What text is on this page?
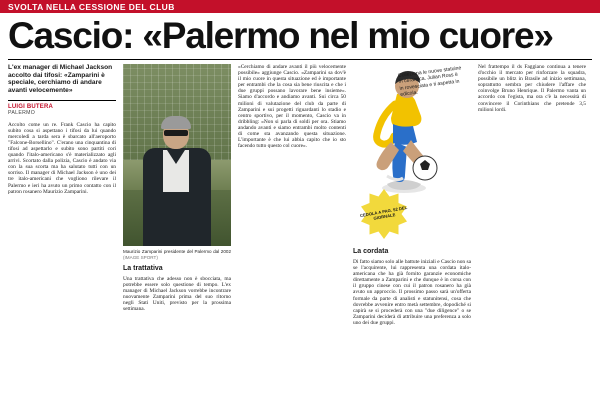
SVOLTA NELLA CESSIONE DEL CLUB
Cascio: «Palermo nel mio cuore»
L'ex manager di Michael Jackson accolto dai tifosi: «Zamparini è speciale, cerchiamo di andare avanti velocemente»
LUIGI BUTERA
PALERMO

Accolto come un re. Frank Cascio ha capito subito cosa si aspettano i tifosi da lui quando mercoledì a tarda sera è sbarcato all'aeroporto "Falcone-Borsellino". C'erano una cinquantina di tifosi ad aspettarlo e subito sono partiti cori quando l'italo-americano s'è materializzato agli arrivi. Scortato dalla polizia, Cascio è andato via con la sua scorta ma ha salutato tutti con un sorriso. Il manager di Michael Jackson è uno dei tre italo-americani che vogliono rilevare il Palermo e ieri ha avuto un primo contatto con il patron rosanero Maurizio Zamparini.

Maurizio Zamparini presidente del Palermo dal 2002 (IMAGE SPORT)
La trattativa

Una trattativa che adesso non è sbocciata, ma potrebbe essere solo questione di tempo. L'ex manager di Michael Jackson vorrebbe incontrare nuovamente Zamparini prima del suo ritorno negli Stati Uniti, previsto per la prossima settimana.

«Cerchiamo di andare avanti il più velocemente possibile» aggiunge Cascio. «Zamparini sa dov'è il mio cuore in questa situazione ed è importante per entrambi che la cosa sia bene riuscita e che i due gruppi possano lavorare bene insieme». Siamo d'accordo e andiamo avanti. Sui circa 50 milioni di valutazione del club da parte di Zamparini e sui progetti riguardanti lo stadio e centro sportivo, per il momento, Cascio va in dribbling: «Non si parla di soldi per ora. Stiamo andando avanti e siamo entrambi molto contenti di come sta avanzando questa situazione. L'importante è che lui abbia capito che io sto facendo tutto questo col cuore».

Colleziona le nuove statuine in ceramica. Julian Ross è in rovesciata e ti aspetta in edicola.
CEDOLA A PAG. 52 DEL GIORNALE
La cordata

Di fatto siamo solo alle battute iniziali e Cascio non sa se l'acquirente, lui rappresenta una cordata italo-americana che ha già fornito garanzie economiche direttamente a Zamparini e che dunque è in corsa con il gruppo cinese con cui il patron rosanero ha già avuto un approccio. Il prossimo passo sarà un'offerta formale da parte di analisti e statunitensi, cosa che dovrebbe avvenire entro metà settembre, dopodiché si capirà se si procederà con una "due diligence" o se Zamparini deciderà di attribuire una preferenza a solo uno dei due gruppi.

Nel frattempo il ds Faggiano continua a tenere d'occhio il mercato per rinforzare la squadra, possibile un blitz in Brasile ad inizio settimana, soprattutto sembra per chiudere l'affare che coinvolge Bruno Henrique. Il Palermo vanta un accordo con l'egista, ma ora c'è la necessità di convincere il Corinthians che pretende 3,5 milioni lordi.
